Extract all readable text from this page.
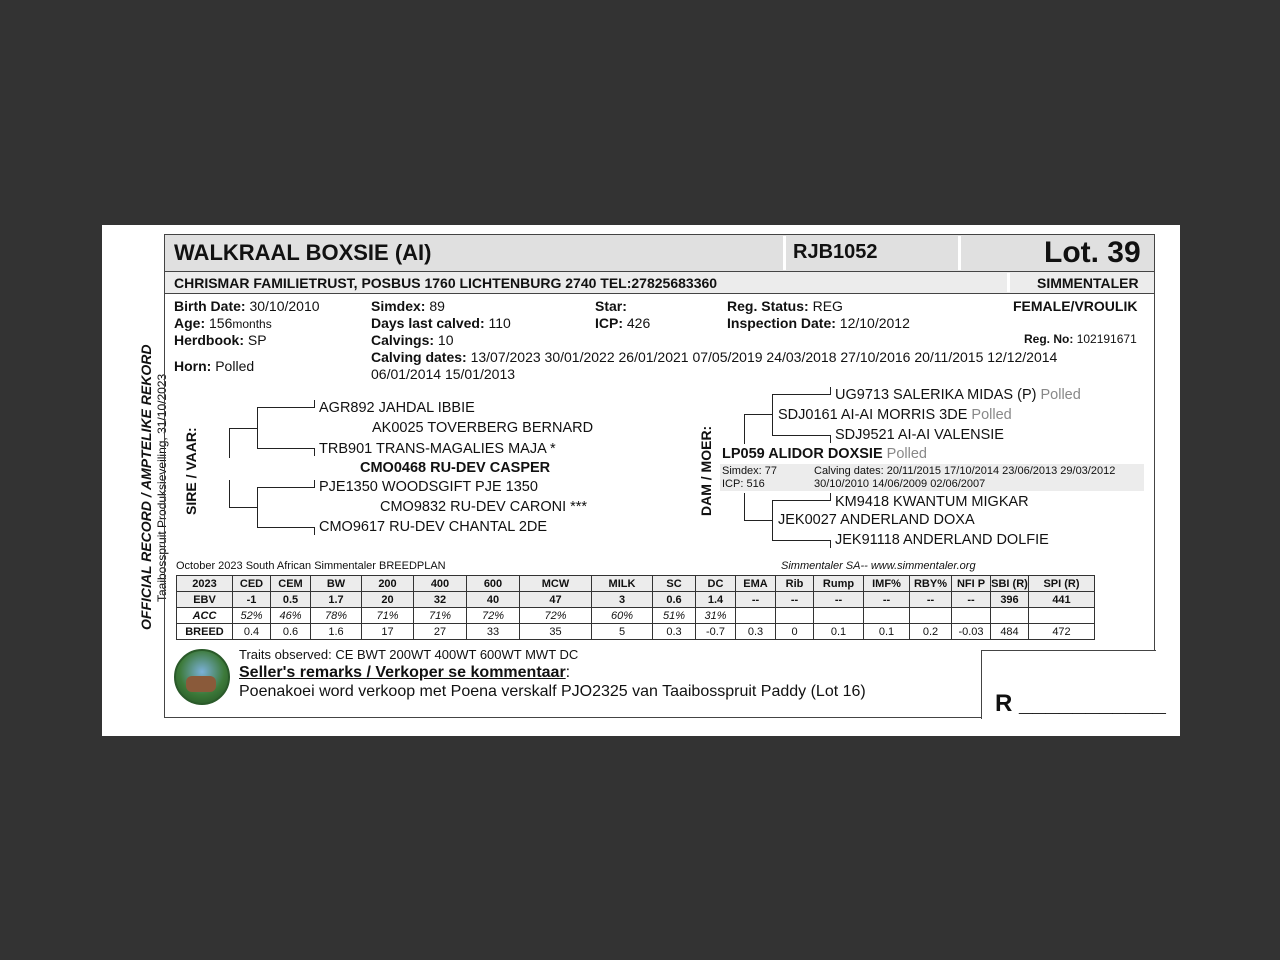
OFFICIAL RECORD / AMPTELIKE REKORD Taaibosspruit Produksieveiling, 31/10/2023
WALKRAAL BOXSIE (AI)	RJB1052	Lot. 39
CHRISMAR FAMILIETRUST, POSBUS 1760 LICHTENBURG 2740 TEL:27825683360	SIMMENTALER
Birth Date: 30/10/2010
Age: 156months
Herdbook: SP
Horn: Polled
Simdex: 89
Days last calved: 110
Calvings: 10
Calving dates: 13/07/2023 30/01/2022 26/01/2021 07/05/2019 24/03/2018 27/10/2016 20/11/2015 12/12/2014
06/01/2014 15/01/2013
Star:
ICP: 426
Reg. Status: REG
Inspection Date: 12/10/2012
FEMALE/VROULIK
Reg. No: 102191671
SIRE / VAAR:
AGR892 JAHDAL IBBIE
AK0025 TOVERBERG BERNARD
TRB901 TRANS-MAGALIES MAJA *
CMO0468 RU-DEV CASPER
PJE1350 WOODSGIFT PJE 1350
CMO9832 RU-DEV CARONI ***
CMO9617 RU-DEV CHANTAL 2DE
DAM / MOER:
UG9713 SALERIKA MIDAS (P) Polled
SDJ0161 AI-AI MORRIS 3DE Polled
SDJ9521 AI-AI VALENSIE
LP059 ALIDOR DOXSIE Polled
Simdex: 77
ICP: 516
Calving dates: 20/11/2015 17/10/2014 23/06/2013 29/03/2012
30/10/2010 14/06/2009 02/06/2007
KM9418 KWANTUM MIGKAR
JEK0027 ANDERLAND DOXA
JEK91118 ANDERLAND DOLFIE
October 2023 South African Simmentaler BREEDPLAN	Simmentaler SA-- www.simmentaler.org
2023	CED	CEM	BW	200	400	600	MCW	MILK	SC	DC	EMA	Rib	Rump	IMF%	RBY%	NFI P	SBI (R)	SPI (R)
EBV	-1	0.5	1.7	20	32	40	47	3	0.6	1.4	--	--	--	--	--	--	396	441
ACC	52%	46%	78%	71%	71%	72%	72%	60%	51%	31%								
BREED	0.4	0.6	1.6	17	27	33	35	5	0.3	-0.7	0.3	0	0.1	0.1	0.2	-0.03	484	472
Traits observed: CE BWT 200WT 400WT 600WT MWT DC
Seller's remarks / Verkoper se kommentaar:
Poenakoei word verkoop met Poena verskalf PJO2325 van Taaibosspruit Paddy (Lot 16)	R ___________
